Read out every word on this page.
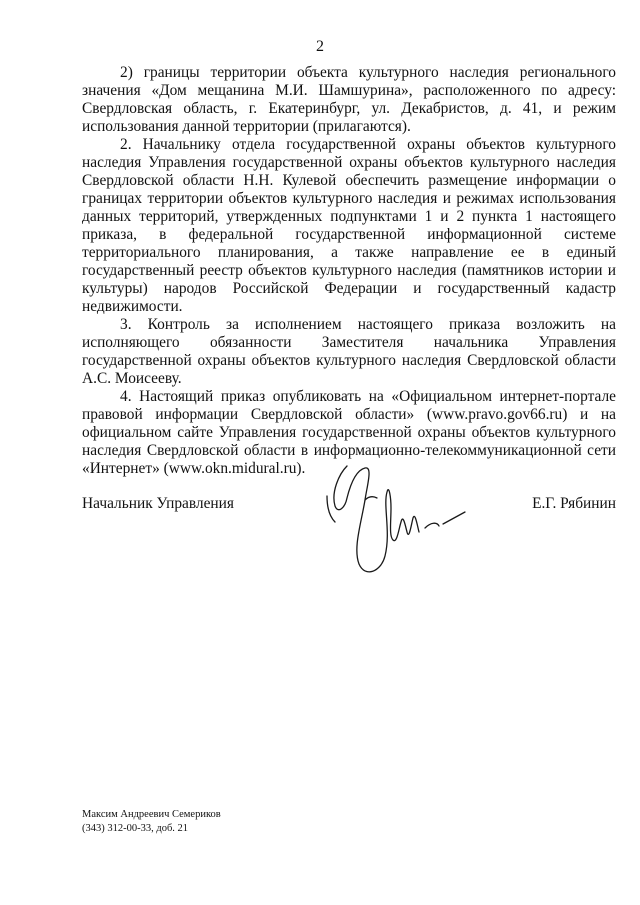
2

2) границы территории объекта культурного наследия регионального значения «Дом мещанина М.И. Шамшурина», расположенного по адресу: Свердловская область, г. Екатеринбург, ул. Декабристов, д. 41, и режим использования данной территории (прилагаются).

2. Начальнику отдела государственной охраны объектов культурного наследия Управления государственной охраны объектов культурного наследия Свердловской области Н.Н. Кулевой обеспечить размещение информации о границах территории объектов культурного наследия и режимах использования данных территорий, утвержденных подпунктами 1 и 2 пункта 1 настоящего приказа, в федеральной государственной информационной системе территориального планирования, а также направление ее в единый государственный реестр объектов культурного наследия (памятников истории и культуры) народов Российской Федерации и государственный кадастр недвижимости.

3. Контроль за исполнением настоящего приказа возложить на исполняющего обязанности Заместителя начальника Управления государственной охраны объектов культурного наследия Свердловской области А.С. Моисееву.

4. Настоящий приказ опубликовать на «Официальном интернет-портале правовой информации Свердловской области» (www.pravo.gov66.ru) и на официальном сайте Управления государственной охраны объектов культурного наследия Свердловской области в информационно-телекоммуникационной сети «Интернет» (www.okn.midural.ru).

Начальник Управления	Е.Г. Рябинин
Максим Андреевич Семериков
(343) 312-00-33, доб. 21
